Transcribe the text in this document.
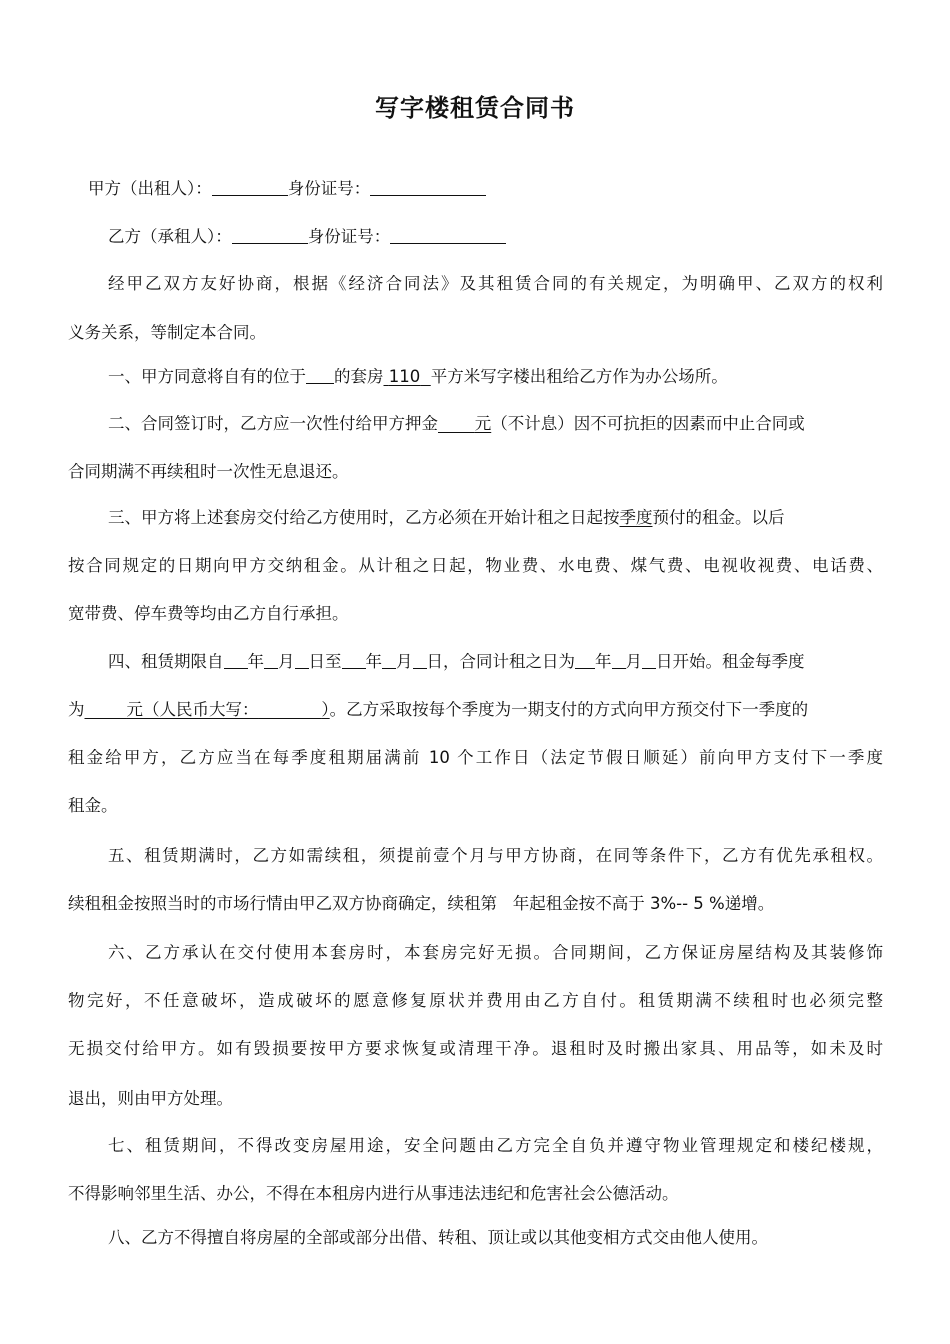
写字楼租赁合同书
甲方（出租人）：	身份证号：
乙方（承租人）：	身份证号：
经甲乙双方友好协商，根据《经济合同法》及其租赁合同的有关规定，为明确甲、乙双方的权利
义务关系，等制定本合同。
一、甲方同意将自有的位于 的套房 110 平方米写字楼出租给乙方作为办公场所。
二、合同签订时，乙方应一次性付给甲方押金 元（不计息）因不可抗拒的因素而中止合同或
合同期满不再续租时一次性无息退还。
三、甲方将上述套房交付给乙方使用时，乙方必须在开始计租之日起按季度预付的租金。以后
按合同规定的日期向甲方交纳租金。从计租之日起，物业费、水电费、煤气费、电视收视费、电话费、
宽带费、停车费等均由乙方自行承担。
四、租赁期限自 年 月 日至 年 月 日，合同计租之日为 年 月 日开始。租金每季度
为	元（人民币大写：	）。乙方采取按每个季度为一期支付的方式向甲方预交付下一季度的
租金给甲方，乙方应当在每季度租期届满前 10 个工作日（法定节假日顺延）前向甲方支付下一季度
租金。
五、租赁期满时，乙方如需续租，须提前壹个月与甲方协商，在同等条件下，乙方有优先承租权。
续租租金按照当时的市场行情由甲乙双方协商确定，续租第   年起租金按不高于 3%-- 5 %递增。
六、乙方承认在交付使用本套房时，本套房完好无损。合同期间，乙方保证房屋结构及其装修饰
物完好，不任意破坏，造成破坏的愿意修复原状并费用由乙方自付。租赁期满不续租时也必须完整
无损交付给甲方。如有毁损要按甲方要求恢复或清理干净。退租时及时搬出家具、用品等，如未及时
退出，则由甲方处理。
七、租赁期间，不得改变房屋用途，安全问题由乙方完全自负并遵守物业管理规定和楼纪楼规，
不得影响邻里生活、办公，不得在本租房内进行从事违法违纪和危害社会公德活动。
八、乙方不得擅自将房屋的全部或部分出借、转租、顶让或以其他变相方式交由他人使用。
